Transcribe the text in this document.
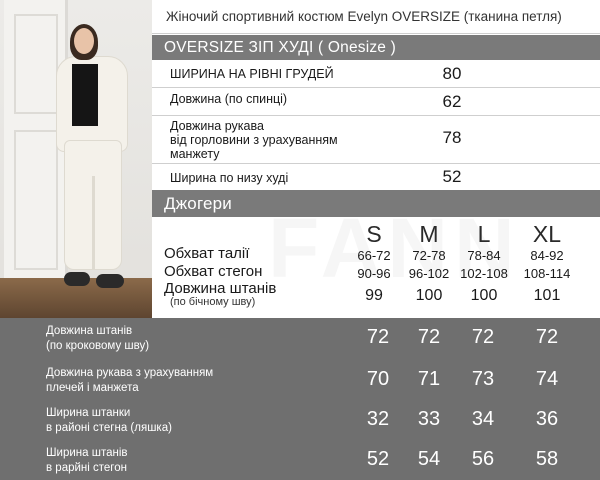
Жіночий спортивний костюм Evelyn OVERSIZE (тканина петля)
OVERSIZE ЗІП ХУДІ ( Onesize )
ШИРИНА НА РІВНІ ГРУДЕЙ	80
Довжина (по спинці)	62
Довжина рукава
від горловини з урахуванням
манжету
78
Ширина по низу худі	52
Джогери
S	M	L	XL
Обхват талії	66-72	72-78	78-84	84-92
Обхват стегон	90-96	96-102 102-108	108-114
Довжина штанів
(по бічному шву)	99	100	100	101
Довжина штанів
(по кроковому шву)	72	72	72	72
Довжина рукава з урахуванням
плечей і манжета	70	71	73	74
Ширина штанки
в районі стегна (ляшка)	32	33	34	36
Ширина штанів
в рарйні стегон	52	54	56	58
